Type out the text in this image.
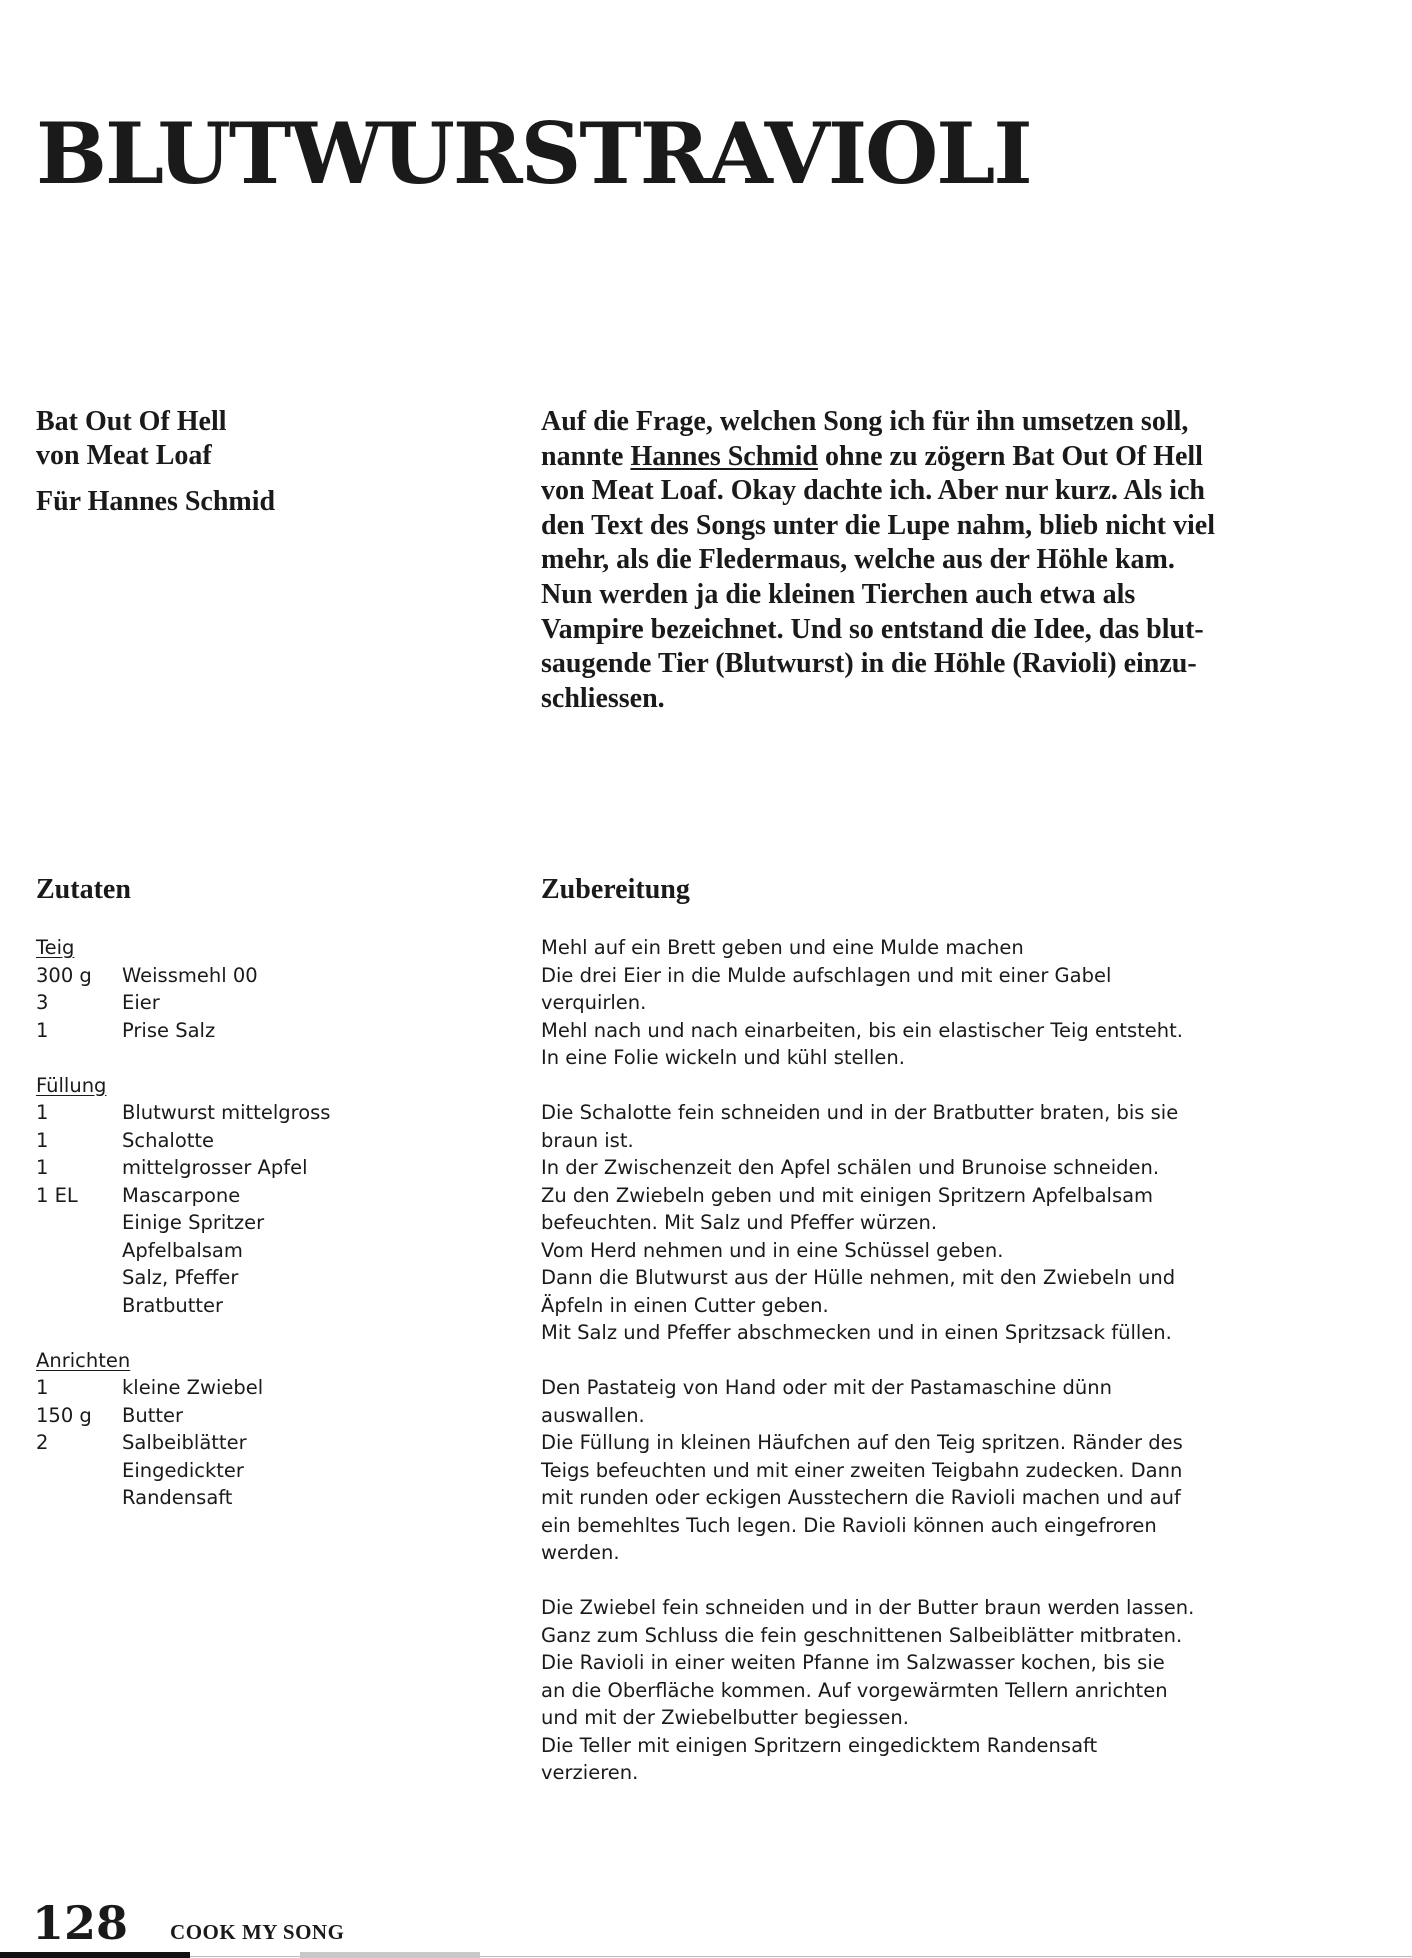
BLUTWURSTRAVIOLI
Bat Out Of Hell
von Meat Loaf
Für Hannes Schmid
Auf die Frage, welchen Song ich für ihn umsetzen soll,
nannte Hannes Schmid ohne zu zögern Bat Out Of Hell
von Meat Loaf. Okay dachte ich. Aber nur kurz. Als ich
den Text des Songs unter die Lupe nahm, blieb nicht viel
mehr, als die Fledermaus, welche aus der Höhle kam.
Nun werden ja die kleinen Tierchen auch etwa als
Vampire bezeichnet. Und so entstand die Idee, das blut-
saugende Tier (Blutwurst) in die Höhle (Ravioli) einzu-
schliessen.
Zutaten	Zubereitung
Teig
300 g	Weissmehl 00
3	Eier
1	Prise Salz
Füllung
1	Blutwurst mittelgross
1	Schalotte
1	mittelgrosser Apfel
1 EL	Mascarpone
Einige Spritzer
Apfelbalsam
Salz, Pfeffer
Bratbutter
Anrichten
1	kleine Zwiebel
150 g	Butter
2	Salbeiblätter
Eingedickter
Randensaft
Mehl auf ein Brett geben und eine Mulde machen
Die drei Eier in die Mulde aufschlagen und mit einer Gabel
verquirlen.
Mehl nach und nach einarbeiten, bis ein elastischer Teig entsteht.
In eine Folie wickeln und kühl stellen.
Die Schalotte fein schneiden und in der Bratbutter braten, bis sie
braun ist.
In der Zwischenzeit den Apfel schälen und Brunoise schneiden.
Zu den Zwiebeln geben und mit einigen Spritzern Apfelbalsam
befeuchten. Mit Salz und Pfeffer würzen.
Vom Herd nehmen und in eine Schüssel geben.
Dann die Blutwurst aus der Hülle nehmen, mit den Zwiebeln und
Äpfeln in einen Cutter geben.
Mit Salz und Pfeffer abschmecken und in einen Spritzsack füllen.
Den Pastateig von Hand oder mit der Pastamaschine dünn
auswallen.
Die Füllung in kleinen Häufchen auf den Teig spritzen. Ränder des
Teigs befeuchten und mit einer zweiten Teigbahn zudecken. Dann
mit runden oder eckigen Ausstechern die Ravioli machen und auf
ein bemehltes Tuch legen. Die Ravioli können auch eingefroren
werden.
Die Zwiebel fein schneiden und in der Butter braun werden lassen.
Ganz zum Schluss die fein geschnittenen Salbeiblätter mitbraten.
Die Ravioli in einer weiten Pfanne im Salzwasser kochen, bis sie
an die Oberfläche kommen. Auf vorgewärmten Tellern anrichten
und mit der Zwiebelbutter begiessen.
Die Teller mit einigen Spritzern eingedicktem Randensaft
verzieren.
128 COOK MY SONG
